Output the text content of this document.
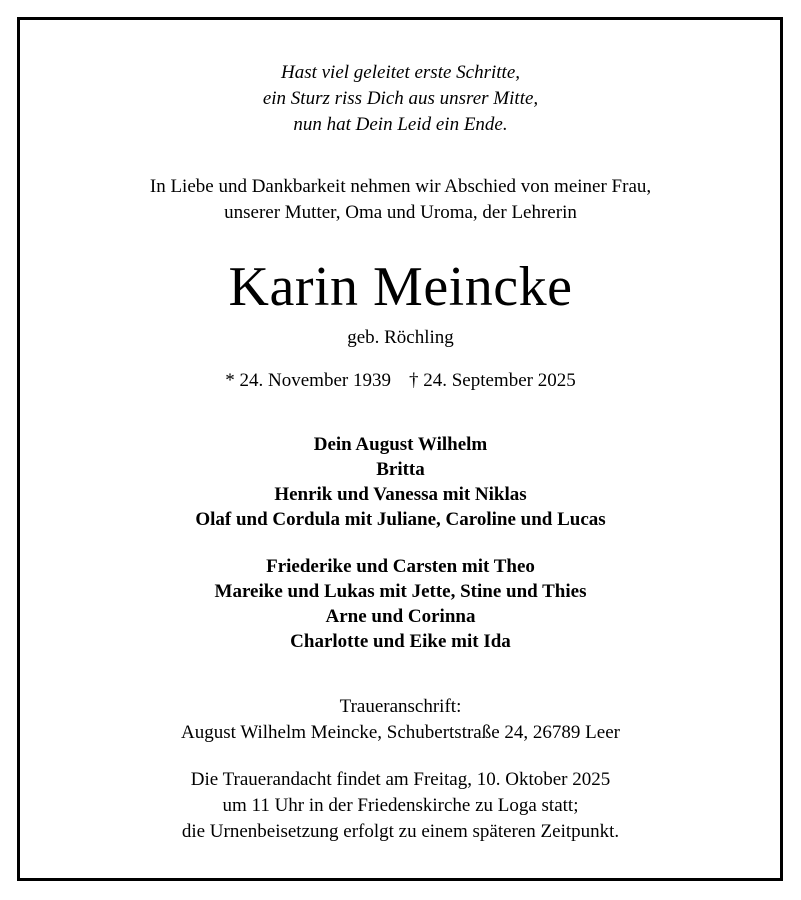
Hast viel geleitet erste Schritte,
ein Sturz riss Dich aus unsrer Mitte,
nun hat Dein Leid ein Ende.
In Liebe und Dankbarkeit nehmen wir Abschied von meiner Frau,
unserer Mutter, Oma und Uroma, der Lehrerin
Karin Meincke
geb. Röchling
* 24. November 1939 † 24. September 2025
Dein August Wilhelm
Britta
Henrik und Vanessa mit Niklas
Olaf und Cordula mit Juliane, Caroline und Lucas
Friederike und Carsten mit Theo
Mareike und Lukas mit Jette, Stine und Thies
Arne und Corinna
Charlotte und Eike mit Ida
Traueranschrift:
August Wilhelm Meincke, Schubertstraße 24, 26789 Leer
Die Trauerandacht findet am Freitag, 10. Oktober 2025
um 11 Uhr in der Friedenskirche zu Loga statt;
die Urnenbeisetzung erfolgt zu einem späteren Zeitpunkt.
